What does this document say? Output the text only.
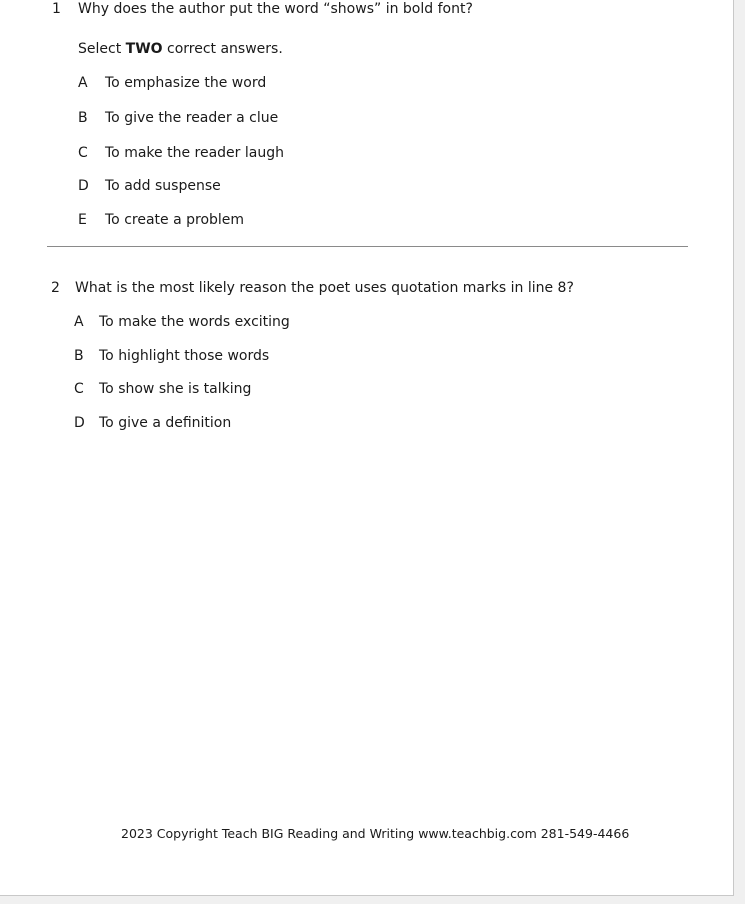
1 Why does the author put the word “shows” in bold font?
Select TWO correct answers.
A To emphasize the word
B To give the reader a clue
C To make the reader laugh
D To add suspense
E To create a problem
2 What is the most likely reason the poet uses quotation marks in line 8?
A To make the words exciting
B To highlight those words
C To show she is talking
D To give a definition
2023 Copyright Teach BIG Reading and Writing www.teachbig.com 281-549-4466
